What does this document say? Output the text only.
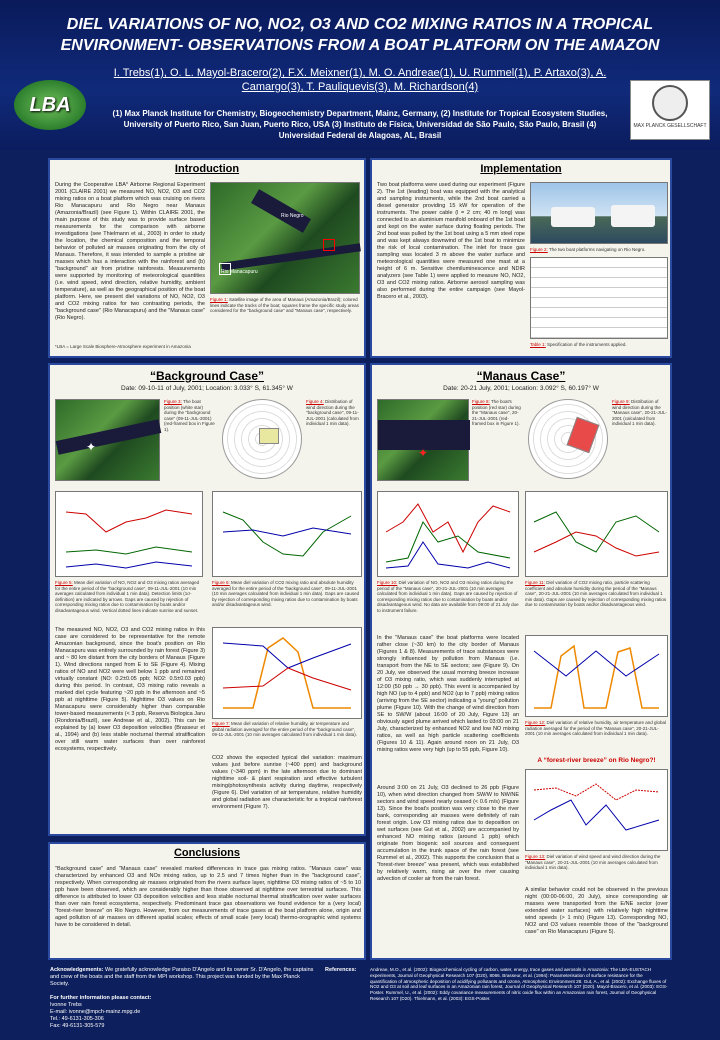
DIEL VARIATIONS OF NO, NO2, O3 AND CO2 MIXING RATIOS IN A TROPICAL ENVIRONMENT- OBSERVATIONS FROM A BOAT PLATFORM ON THE AMAZON
I. Trebs(1), O. L. Mayol-Bracero(2), F.X. Meixner(1), M. O. Andreae(1), U. Rummel(1), P. Artaxo(3), A. Camargo(3), T. Pauliquevis(3), M. Richardson(4)
(1) Max Planck Institute for Chemistry, Biogeochemistry Department, Mainz, Germany, (2) Institute for Tropical Ecosystem Studies, University of Puerto Rico, San Juan, Puerto Rico, USA (3) Instituto de Física, Universidad de São Paulo, São Paulo, Brasil (4) Universidad Federal de Alagoas, AL, Brasil
LBA
MAX PLANCK GESELLSCHAFT
Introduction
During the Cooperative LBA* Airborne Regional Experiment 2001 (CLAIRE 2001) we measured NO, NO2, O3 and CO2 mixing ratios on a boat platform which was cruising on rivers Rio Manacapuru and Rio Negro near Manaus (Amazonia/Brazil) (see Figure 1). Within CLAIRE 2001, the main purpose of this study was to provide surface based measurements for the comparison with airborne investigations (see Thielmann et al., 2003) in order to study the location, the chemical composition and the temporal behavior of polluted air masses originating from the city of Manaus. Therefore, it was intended to sample a pristine air masses which has a interaction with the rainforest and (b) "background" air from pristine rainforests. Measurements were supported by monitoring of meteorological quantities (i.e. wind speed, wind direction, relative humidity, ambient temperature), as well as the geographical position of the boat platform. Here, we present diel variations of NO, NO2, O3 and CO2 mixing ratios for two contrasting periods, the "background case" (Rio Manacapuru) and the "Manaus case" (Rio Negro).
*LBA = Large Scale Biosphere-Atmosphere experiment in Amazonia
Rio Negro
Rio Manacapuru
Figure 1: Satellite image of the area of Manaus (Amazonia/Brazil); colored lines indicate the tracks of the boat; squares frame the specific study areas considered for the "background case" and "Manaus case", respectively.
Implementation
Two boat platforms were used during our experiment (Figure 2). The 1st (leading) boat was equipped with the analytical and sampling instruments, while the 2nd boat carried a diesel generator providing 15 kW for operation of the instruments. The power cable (l = 2 cm; 40 m long) was connected to an aluminium manifold onboard of the 1st boat and kept on the water surface during floating periods. The 2nd boat was pulled by the 1st boat using a 5 mm steel rope and was kept always downwind of the 1st boat to minimize the risk of local contamination. The inlet for trace gas sampling was located 3 m above the water surface and meteorological quantities were measured one mast at a height of 6 m. Sensitive chemiluminescence and NDIR analyzers (see Table 1) were applied to measure NO, NO2, O3 and CO2 mixing ratios. Airborne aerosol sampling was also performed during the entire campaign (see Mayol-Bracero et al., 2003).
Figure 2: The two boat platforms navigating on Rio Negro.
Table 1: Specification of the instruments applied.
“Background Case”
Date: 09-10-11 of July, 2001; Location: 3.033° S, 61.345° W
✦
Figure 3: The boat position (white star) during the "background case" (09-11-JUL-2001) (red-framed box in Figure 1).
Figure 4: Distribution of wind direction during the "background case", 09-11-JUL-2001 (calculated from individual 1 min data).
Figure 5: Mean diel variation of NO, NO2 and O3 mixing ratios averaged for the entire period of the "background case", 09-11-JUL-2001 (10 min averages calculated from individual 1 min data). Detection limits (1σ-definition) are indicated by arrows. Gaps are caused by rejection of corresponding mixing ratios due to contamination by boats and/or disadvantageous wind. Vertical dotted lines indicate sunrise and sunset.
Figure 6: Mean diel variation of CO2 mixing ratio and absolute humidity averaged for the entire period of the "background case", 09-11-JUL-2001 (10 min averages calculated from individual 1 min data). Gaps are caused by rejection of corresponding mixing ratios due to contamination by boats and/or disadvantageous wind.
The measured NO, NO2, O3 and CO2 mixing ratios in this case are considered to be representative for the remote Amazonian background, since the boat's position on Rio Manacapuru was entirely surrounded by rain forest (Figure 3) and ~ 80 km distant from the city borders of Manaus (Figure 1). Wind directions ranged from E to SE (Figure 4). Mixing ratios of NO and NO2 were well below 1 ppb and remained virtually constant (NO: 0.2±0.05 ppb; NO2: 0.5±0.03 ppb) during this period. In contrast, O3 mixing ratio reveals a marked diel cycle featuring ~20 ppb in the afternoon and ~5 ppb at nighttime (Figure 5). Nighttime O3 values on Rio Manacapuru were considerably higher than comparable tower-based measurements (< 3 ppb, Reserva Biologica Jaru (Rondonia/Brazil), see Andreae et al., 2002). This can be explained by (a) lower O3 deposition velocities (Brasseur et al., 1994) and (b) less stable nocturnal thermal stratification over still warm water surfaces than over rainforest ecosystems, respectively.
Figure 7: Mean diel variation of relative humidity, air temperature and global radiation averaged for the entire period of the "background case", 09-11-JUL-2001 (10 min averages calculated from individual 1 min data).
CO2 shows the expected typical diel variation: maximum values just before sunrise (~400 ppm) and background values (~340 ppm) in the late afternoon due to dominant nighttime soil- & plant respiration and effective turbulent mixing/photosynthesis activity during daytime, respectively (Figure 6). Diel variation of air temperature, relative humidity and global radiation are characteristic for a tropical rainforest environment (Figure 7).
“Manaus Case”
Date: 20-21 July, 2001; Location: 3.092° S, 60.197° W
✦
Figure 8: The boat's position (red star) during the "Manaus case", 20-21-JUL-2001 (red-framed box in Figure 1).
Figure 9: Distribution of wind direction during the "Manaus case", 20-21-JUL-2001 (calculated from individual 1 min data).
Figure 10: Diel variation of NO, NO2 and O3 mixing ratios during the period of the "Manaus case", 20-21-JUL-2001 (10 min averages calculated from individual 1 min data). Gaps are caused by rejection of corresponding mixing ratios due to contamination by boats and/or disadvantageous wind. No data are available from 09:00 of 21 July due to instrument failure.
Figure 11: Diel variation of CO2 mixing ratio, particle scattering coefficient and absolute humidity during the period of the "Manaus case", 20-21-JUL-2001 (10 min averages calculated from individual 1 min data). Gaps are caused by rejection of corresponding mixing ratios due to contamination by boats and/or disadvantageous wind.
In the "Manaus case" the boat platforms were located rather close (~30 km) to the city border of Manaus (Figures 1 & 8). Measurements of trace substances were strongly influenced by pollution from Manaus (i.e. transport from the NE to SE sectors; see (Figure 9). On 20 July, we observed the usual morning breeze increase of O3 mixing ratio, which was suddenly interrupted at 12:00 (50 ppb → 30 ppb). This event is accompanied by high NO (up to 4 ppb) and NO2 (up to 7 ppb) mixing ratios (arriving from the SE sector) indicating a "young" pollution plume (Figure 10). With the change of wind direction from SE to SW/W (about 16:00 of 20 July, Figure 13) an obviously aged plume arrived which lasted to 03:00 on 21 July, characterized by enhanced NO2 and low NO mixing ratios, as well as high particle scattering coefficients (Figures 10 & 11). Again around noon on 21 July, O3 mixing ratios were very high (up to 55 ppb, Figure 10).
Around 3:00 on 21 July, O3 declined to 26 ppb (Figure 10), when wind direction changed from SW/W to NW/NE sectors and wind speed nearly ceased (< 0.6 m/s) (Figure 13). Since the boat's position was very close to the river bank, corresponding air masses were definitely of rain forest origin. Low O3 mixing ratios due to deposition on wet surfaces (see Gut et al., 2002) are accompanied by enhanced NO mixing ratios (around 1 ppb) which originate from biogenic soil sources and consequent accumulation in the trunk space of the rain forest (see Rummel et al., 2002). This supports the conclusion that a "forest-river breeze" was present, which was established by relatively warm, rising air over the river causing advection of cooler air from the rain forest.
Figure 12: Diel variation of relative humidity, air temperature and global radiation averaged for the period of the "Manaus case", 20-21-JUL-2001 (10 min averages calculated from individual 1 min data).
A “forest-river breeze” on Rio Negro?!
Figure 13: Diel variation of wind speed and wind direction during the "Manaus case", 20-21-JUL-2001 (10 min averages calculated from individual 1 min data).
A similar behavior could not be observed in the previous night (00:00-06:00, 20 July), since corresponding air masses were transported from the E/NE sector (over extended water surfaces) with relatively high nighttime wind speeds (> 1 m/s) (Figure 13). Corresponding NO, NO2 and O3 values resemble those of the "background case" on Rio Manacapuru (Figure 5).
Conclusions
"Background case" and "Manaus case" revealed marked differences in trace gas mixing ratios. "Manaus case" was characterized by enhanced O3 and NOx mixing ratios, up to 2.5 and 7 times higher than in the "background case", respectively. When corresponding air masses originated from the rivers surface layer, nighttime O3 mixing ratios of ~5 to 10 ppb have been observed, which are considerably higher than those observed at nighttime over terrestrial surfaces. This difference is attributed to lower O3 deposition velocities and less stable nocturnal thermal stratification over water surfaces than over rain forest ecosystems, respectively. Predominant trace gas observations we found evidence for a (very local) "forest-river breeze" on Rio Negro. However, from our measurements of trace gases at the boat platform alone, origin and aged pollution of air masses on different spatial scales; effects of small scale (very local) thermo-orographic wind systems have to be considered in detail.
Acknowledgements: We gratefully acknowledge Paraiso D'Angelo and its owner Sr. D'Angelo, the captains and crew of the boats and the staff from the MPI workshop. This project was funded by the Max Planck Society.
For further information please contact:
Ivonne Trebs
E-mail: ivonne@mpch-mainz.mpg.de
Tel.: 49-6131-305-306
Fax: 49-6131-305-579
References:	Andreae, M.O., et al. (2002): Biogeochemical cycling of carbon, water, energy, trace gases and aerosols in Amazonia: The LBA-EUSTACH experiments, Journal of Geophysical Research 107 (D20), 8066. Brasseur, et al. (1994): Parameterisation of surface resistance for the quantification of atmospheric deposition of acidifying pollutants and ozone, Atmospheric Environment 28. Gut, A., et al. (2002): Exchange fluxes of NO2 and O3 at soil and leaf surfaces in an Amazonian rain forest, Journal of Geophysical Research 107 (D20). Mayol-Bracero, et al. (2003): EGS-Poster. Rummel, U., et al. (2002): Eddy covariance measurements of nitric oxide flux within an Amazonian rain forest, Journal of Geophysical Research 107 (D20). Thielmann, et al. (2003): EGS-Poster.
